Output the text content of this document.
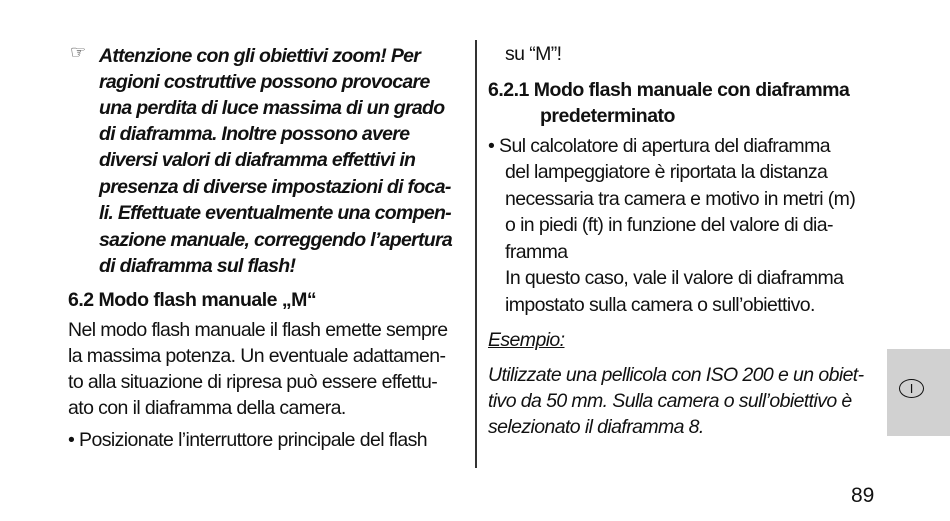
☞ Attenzione con gli obiettivi zoom! Per
ragioni costruttive possono provocare
una perdita di luce massima di un grado
di diaframma. Inoltre possono avere
diversi valori di diaframma effettivi in
presenza di diverse impostazioni di foca-
li. Effettuate eventualmente una compen-
sazione manuale, correggendo l’apertura
di diaframma sul flash!
6.2 Modo flash manuale „M“
Nel modo flash manuale il flash emette sempre
la massima potenza. Un eventuale adattamen-
to alla situazione di ripresa può essere effettu-
ato con il diaframma della camera.
• Posizionate l’interruttore principale del flash
su “M”!
6.2.1 Modo flash manuale con diaframma
predeterminato
• Sul calcolatore di apertura del diaframma
del lampeggiatore è riportata la distanza
necessaria tra camera e motivo in metri (m)
o in piedi (ft) in funzione del valore di dia-
framma
In questo caso, vale il valore di diaframma
impostato sulla camera o sull’obiettivo.
Esempio:
Utilizzate una pellicola con ISO 200 e un obiet-
tivo da 50 mm. Sulla camera o sull’obiettivo è
selezionato il diaframma 8.
I
89
